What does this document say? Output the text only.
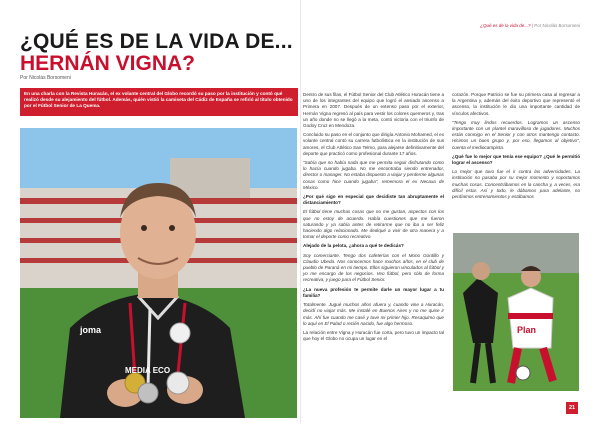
¿QUÉ ES DE LA VIDA DE...
HERNÁN VIGNA?
Por Nicolás Borsomeni

En una charla con la Revista Huracán, el ex volante central del Globo recordó su paso por la institución y contó qué realizó desde su alejamiento del fútbol. Además, quién vistió la camiseta del Cádiz de España se refirió al título obtenido por el Fútbol Senior de La Quema.

joma
MEDIA ECO

Dentro de sus filas, el Fútbol Senior del Club Atlético Huracán tiene a uno de los integrantes del equipo que logró el ansiado ascenso a Primera en 2007. Después de un extenso paso por el exterior, Hernán Vigna regresó al país para vestir los colores quemeros y, tras un año donde no se llegó a la meta, contó victoria con el triunfo de Godoy Cruz en Mendoza.

Concluido su paso en el conjunto que dirigía Antonio Mohamed, el ex volante central contó su carrera futbolística en la institución de sus amores, el Club Atlético San Telmo, para alejarse definitivamente del deporte que practicó como profesional durante 17 años.

"Sabía que no había nada que me permita seguir disfrutando como lo hacía cuando jugaba. No me encontraba siendo entrenador, director o manager. No estaba dispuesto a viajar y perderme algunas cosas como hice cuando jugaba", rememora el ex Necaxa de México.

¿Por qué sigo en especial que decidiste tan abruptamente el distanciamiento?

El fútbol tiene muchas cosas que no me gustan, aspectos con los que no estoy de acuerdo. Había cuestiones que me fueron saturando y ya sabía antes de retirarme que no iba a ser feliz haciendo algo relacionado. Me dediqué a vivir de otra manera y a tomar el deporte como recreativo.

Alejado de la pelota, ¿ahora a qué te dedicás?

Soy comerciante. Tengo dos cafeterías con el Mono Gordillo y Claudio Ubeda. Nos conocemos hace muchos años, en el club de pueblo de Paraná en mi tiempo. Ellos siguieron vinculados al fútbol y yo me encargo de los negocios. Veo fútbol, pero sólo de forma recreativa, y juego para el Fútbol Senior.

¿La nueva profesión te permite darle un mayor lugar a tu familia?

Totalmente. Jugué muchos años afuera y, cuando vine a Huracán, decidí no viajar más. Me instalé en Buenos Aires y no me quise ir más. Ahí fue cuando me casé y tuve mi primer hijo. Resaquimo que lo aquí en El Palad o recién nacido, fue algo hermoso.

La relación entre Vigna y Huracán fue corta, pero tuvo un impacto tal que hoy el Globo no ocupa un lugar en el

corazón. Porque Patricio se fue su primera casa al regresar a la Argentina y, además del éxito deportivo que representó el ascenso, la institución le dio una importante cantidad de vínculos afectivos.

"Tengo muy lindos recuerdos. Logramos un ascenso importante con un plantel maravilloso de jugadores. Muchos están conmigo en el Senior y con otros mantengo contacto. Hicimos un buen grupo y, por eso, llegamos al objetivo", cuenta el mediocampista.

¿Qué fue lo mejor que tenía ese equipo? ¿Qué le permitió lograr el ascenso?

Lo mejor que tuvo fue el ir contra las adversidades. La institución no pasaba por su mejor momento y soportamos muchas cosas. Concentrábamos en la cancha y, a veces, era difícil estar. Así y todo, le dábamos para adelante, no perdíamos entrenamientos y estábamos

¿Qué es de la vida de...? | Por Nicolás Borsomeni
Plan
21
